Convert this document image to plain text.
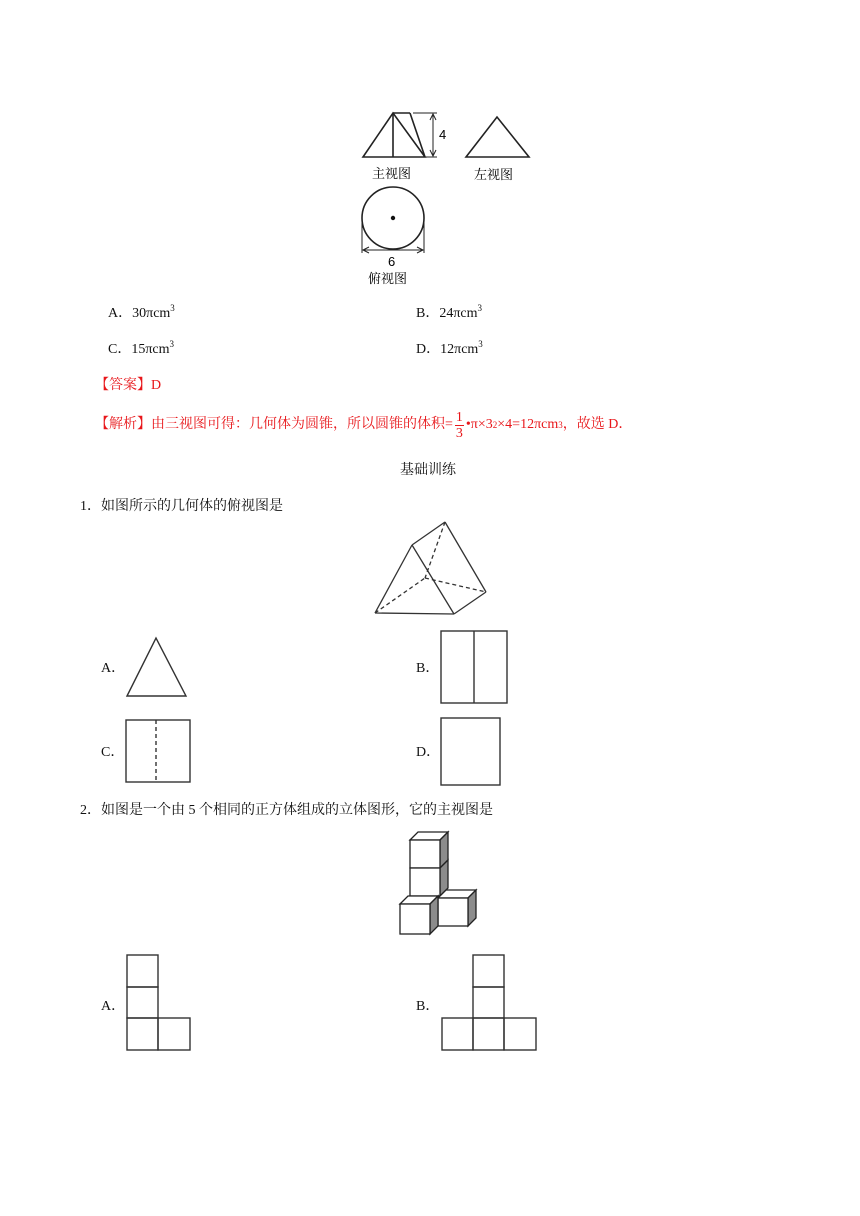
4
主视图	左视图
6
俯视图
A．30πcm$^3$	B．24πcm$^3$
C．15πcm$^3$	D．12πcm$^3$
【答案】D
【解析】 由三视图可得：几何体为圆锥，所以圆锥的体积= $\frac{1}{3}$ •π×3 2 ×4=12πcm 3 ，故选 D．
基础训练
1．如图所示的几何体的俯视图是
A．	B．
C．	D．
2．如图是一个由 5 个相同的正方体组成的立体图形，它的主视图是
A．	B．
